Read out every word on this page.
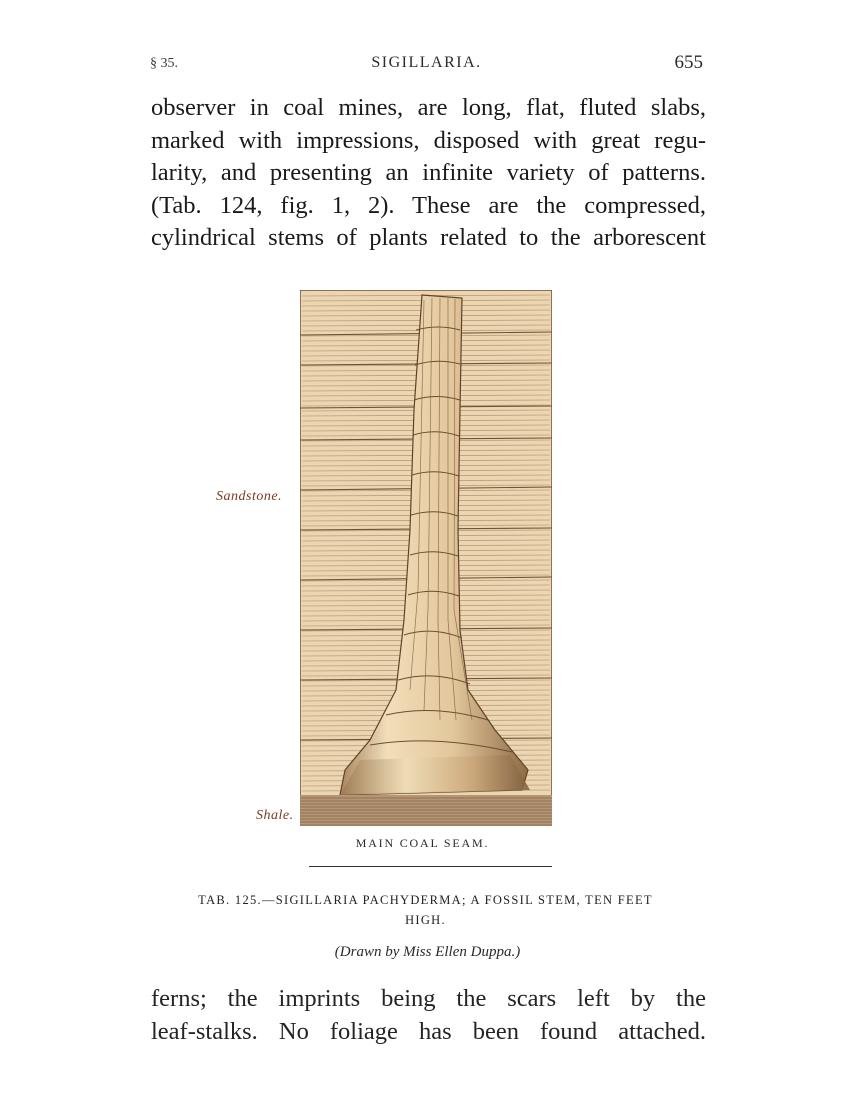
§ 35.	SIGILLARIA.	655
observer in coal mines, are long, flat, fluted slabs,
marked with impressions, disposed with great regu-
larity, and presenting an infinite variety of patterns.
(Tab. 124, fig. 1, 2). These are the compressed,
cylindrical stems of plants related to the arborescent
Sandstone.
Shale.
MAIN COAL SEAM.
TAB. 125.—SIGILLARIA PACHYDERMA; A FOSSIL STEM, TEN FEET
HIGH.
(Drawn by Miss Ellen Duppa.)
ferns; the imprints being the scars left by the
leaf-stalks. No foliage has been found attached.
